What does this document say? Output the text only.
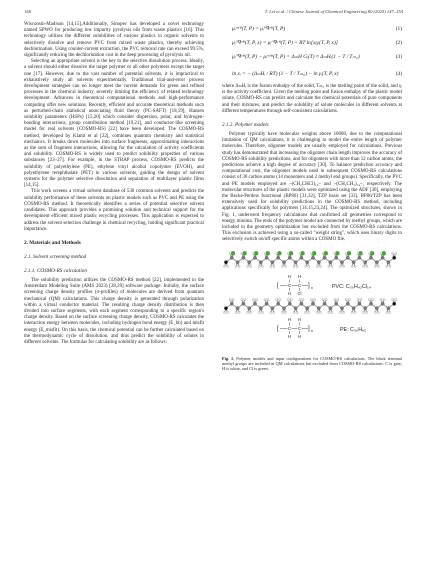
148	T. Lei et al. / Chinese Journal of Chemical Engineering 80 (2025) 147–154

Wisconsin-Madison [14,15].Additionally, Sinopec has developed a novel technology named SPWO for producing low impurity pyrolysis oils from waste plastics [16]. This technology utilizes the different solubilities of various plastics in organic solvents to selectively dissolve and remove PVC from mixed waste plastics, thereby achieving dechlorination. Using counter-current extraction, the PVC removal rate can exceed 99.5%, significantly reducing the dechlorination cost in the deep processing of pyrolysis oil.

Selecting an appropriate solvent is the key to the selective dissolution process. Ideally, a solvent should either dissolve the target polymer or all other polymers except the target one [17]. However, due to the vast number of potential solvents, it is impractical to exhaustively study all solvents experimentally. Traditional trial-and-error process development strategies can no longer meet the current demands for green and refined processes in the chemical industry, severely limiting the efficiency of related technology development. Advances in theoretical computational methods and high-performance computing offer new solutions. Recently, efficient and accurate theoretical methods such as perturbed-chain statistical associating fluid theory (PC-SAFT) [18,19], Hansen solubility parameters (HSPs) [15,20] which consider dispersion, polar, and hydrogen-bonding interactions, group contribution method [19,21], and conductor-like screening model for real solvents (COSMO-RS) [22] have been developed. The COSMO-RS method, developed by Klamt et al [22], combines quantum chemistry and statistical mechanics. It breaks down molecules into surface fragments, approximating interactions as the sum of fragment interactions, allowing for the calculation of activity coefficients and solubility. COSMO-RS is widely used to predict solubility properties of various substances [23–27]. For example, in the STRAP process, COSMO-RS predicts the solubility of polyethylene (PE), ethylene vinyl alcohol copolymer (EVOH), and polyethylene terephthalate (PET) in various solvents, guiding the design of solvent systems for the polymer selective dissolution and separation of multilayer plastic films [14,15].

This work screens a virtual solvent database of 530 common solvents and predicts the solubility performance of these solvents on plastic models such as PVC and PE using the COSMO-RS method. It theoretically identifies a series of potential selective solvent candidates. This approach provides a promising solution and technical support for the development efficient mixed plastic recycling processes. This application is expected to address the solvent selection challenge in chemical recycling, holding significant practical importance.

2. Materials and Methods
2.1. Solvent screening method
2.1.1. COSMO-RS calculation

The solubility prediction utilizes the COSMO-RS method [22], implemented in the Amsterdam Modeling Suite (AMS 2023) [28,29] software package. Initially, the surface screening charge density profiles (σ-profiles) of molecules are derived from quantum mechanical (QM) calculations. This charge density is generated through polarization within a virtual conductor material. The resulting charge density distribution is then divided into surface segments, with each segment corresponding to a specific region's charge density. Based on the surface screening charge density, COSMO-RS calculates the interaction energy between molecules, including hydrogen bond energy (E_hb) and misfit energy (E_misfit). On this basis, the chemical potential can be further calculated based on the thermodynamic cycle of dissolution, and thus predict the solubility of solutes in different solvents. The formulas for calculating solubility are as follows:

μᵢˢᵒˡⁱᵈ(T, P) = μᵢˡⁱᑫᵘⁱᵈ(T, P)	(1)
μᵢˡⁱᑫᵘⁱᵈ(T, P, x) = μᵢˡⁱᑫᵘⁱᵈ(T, P) + RT ln[xᵢγᵢ(T, P, x)]	(2)
μᵢˡⁱᑫᵘⁱᵈ(T, P) − μᵢˢᵒˡⁱᵈ(T, P) = ΔₘH Gᵢ(T) ≈ ΔₘHᵢ(1 − T / Tₘ,ᵢ)	(3)
ln xᵢ = − (ΔₘHᵢ / RT) (1 − T / Tₘ,ᵢ) − ln γᵢ(T, P, x)	(4)

where ΔₘHᵢ is the fusion enthalpy of the solid, Tₘ,ᵢ is the melting point of the solid, and γᵢ is the activity coefficient. Given the melting point and fusion enthalpy of the plastic model solute, COSMO-RS can predict and calculate the chemical potentials of pure components and their mixtures, and predict the solubility of solute molecules in different solvents at different temperatures through self-consistent calculations.

2.1.2. Polymer models

Polymer typically have molecular weights above 10000, due to the computational limitation of QM calculations, it is challenging to model the entire length of polymer molecules. Therefore, oligomer models are usually employed for calculations. Previous study has demonstrated that increasing the oligomer chain length improves the accuracy of COSMO-RS solubility predictions, and for oligomers with more than 12 carbon atoms, the predictions achieve a high degree of accuracy [30]. To balance prediction accuracy and computational cost, the oligomer models used in subsequent COSMO-RS calculations consist of 30 carbon atoms (14 monomers and 2 methyl end groups). Specifically, the PVC and PE models employed are –(CH₂CHCl)₁₄– and –(CH₂CH₂)₁₄–, respectively. The molecular structures of the plastic models were optimized using the ADF [30], employing the Becke-Perdew functional (BP86) [31,32], TZP basis set [33]. BP86/TZP has been extensively used for solubility predictions in the COSMO-RS method, including applications specifically for polymers [14,15,23,24]. The optimized structures, shown in Fig. 1, underwent frequency calculations that confirmed all geometries correspond to energy minima. The ends of the polymer model are connected by methyl groups, which are included in the geometry optimization but excluded from the COSMO-RS calculations. This exclusion is achieved using a so-called "weight string", which uses binary digits to selectively switch on/off specific atoms within a COSMO file.

H H
[ C C ] n
H Cl
H H
[ C C ] n
H H
PVC: C₃₀H₄₂Cl₁₄
PE: C₃₀H₆₂
Fig. 1. Polymer models and input configurations for COSMO-RS calculations. The black terminal methyl groups are included in QM calculations but excluded from COSMO-RS calculations. C is gray, H is white, and Cl is green.
